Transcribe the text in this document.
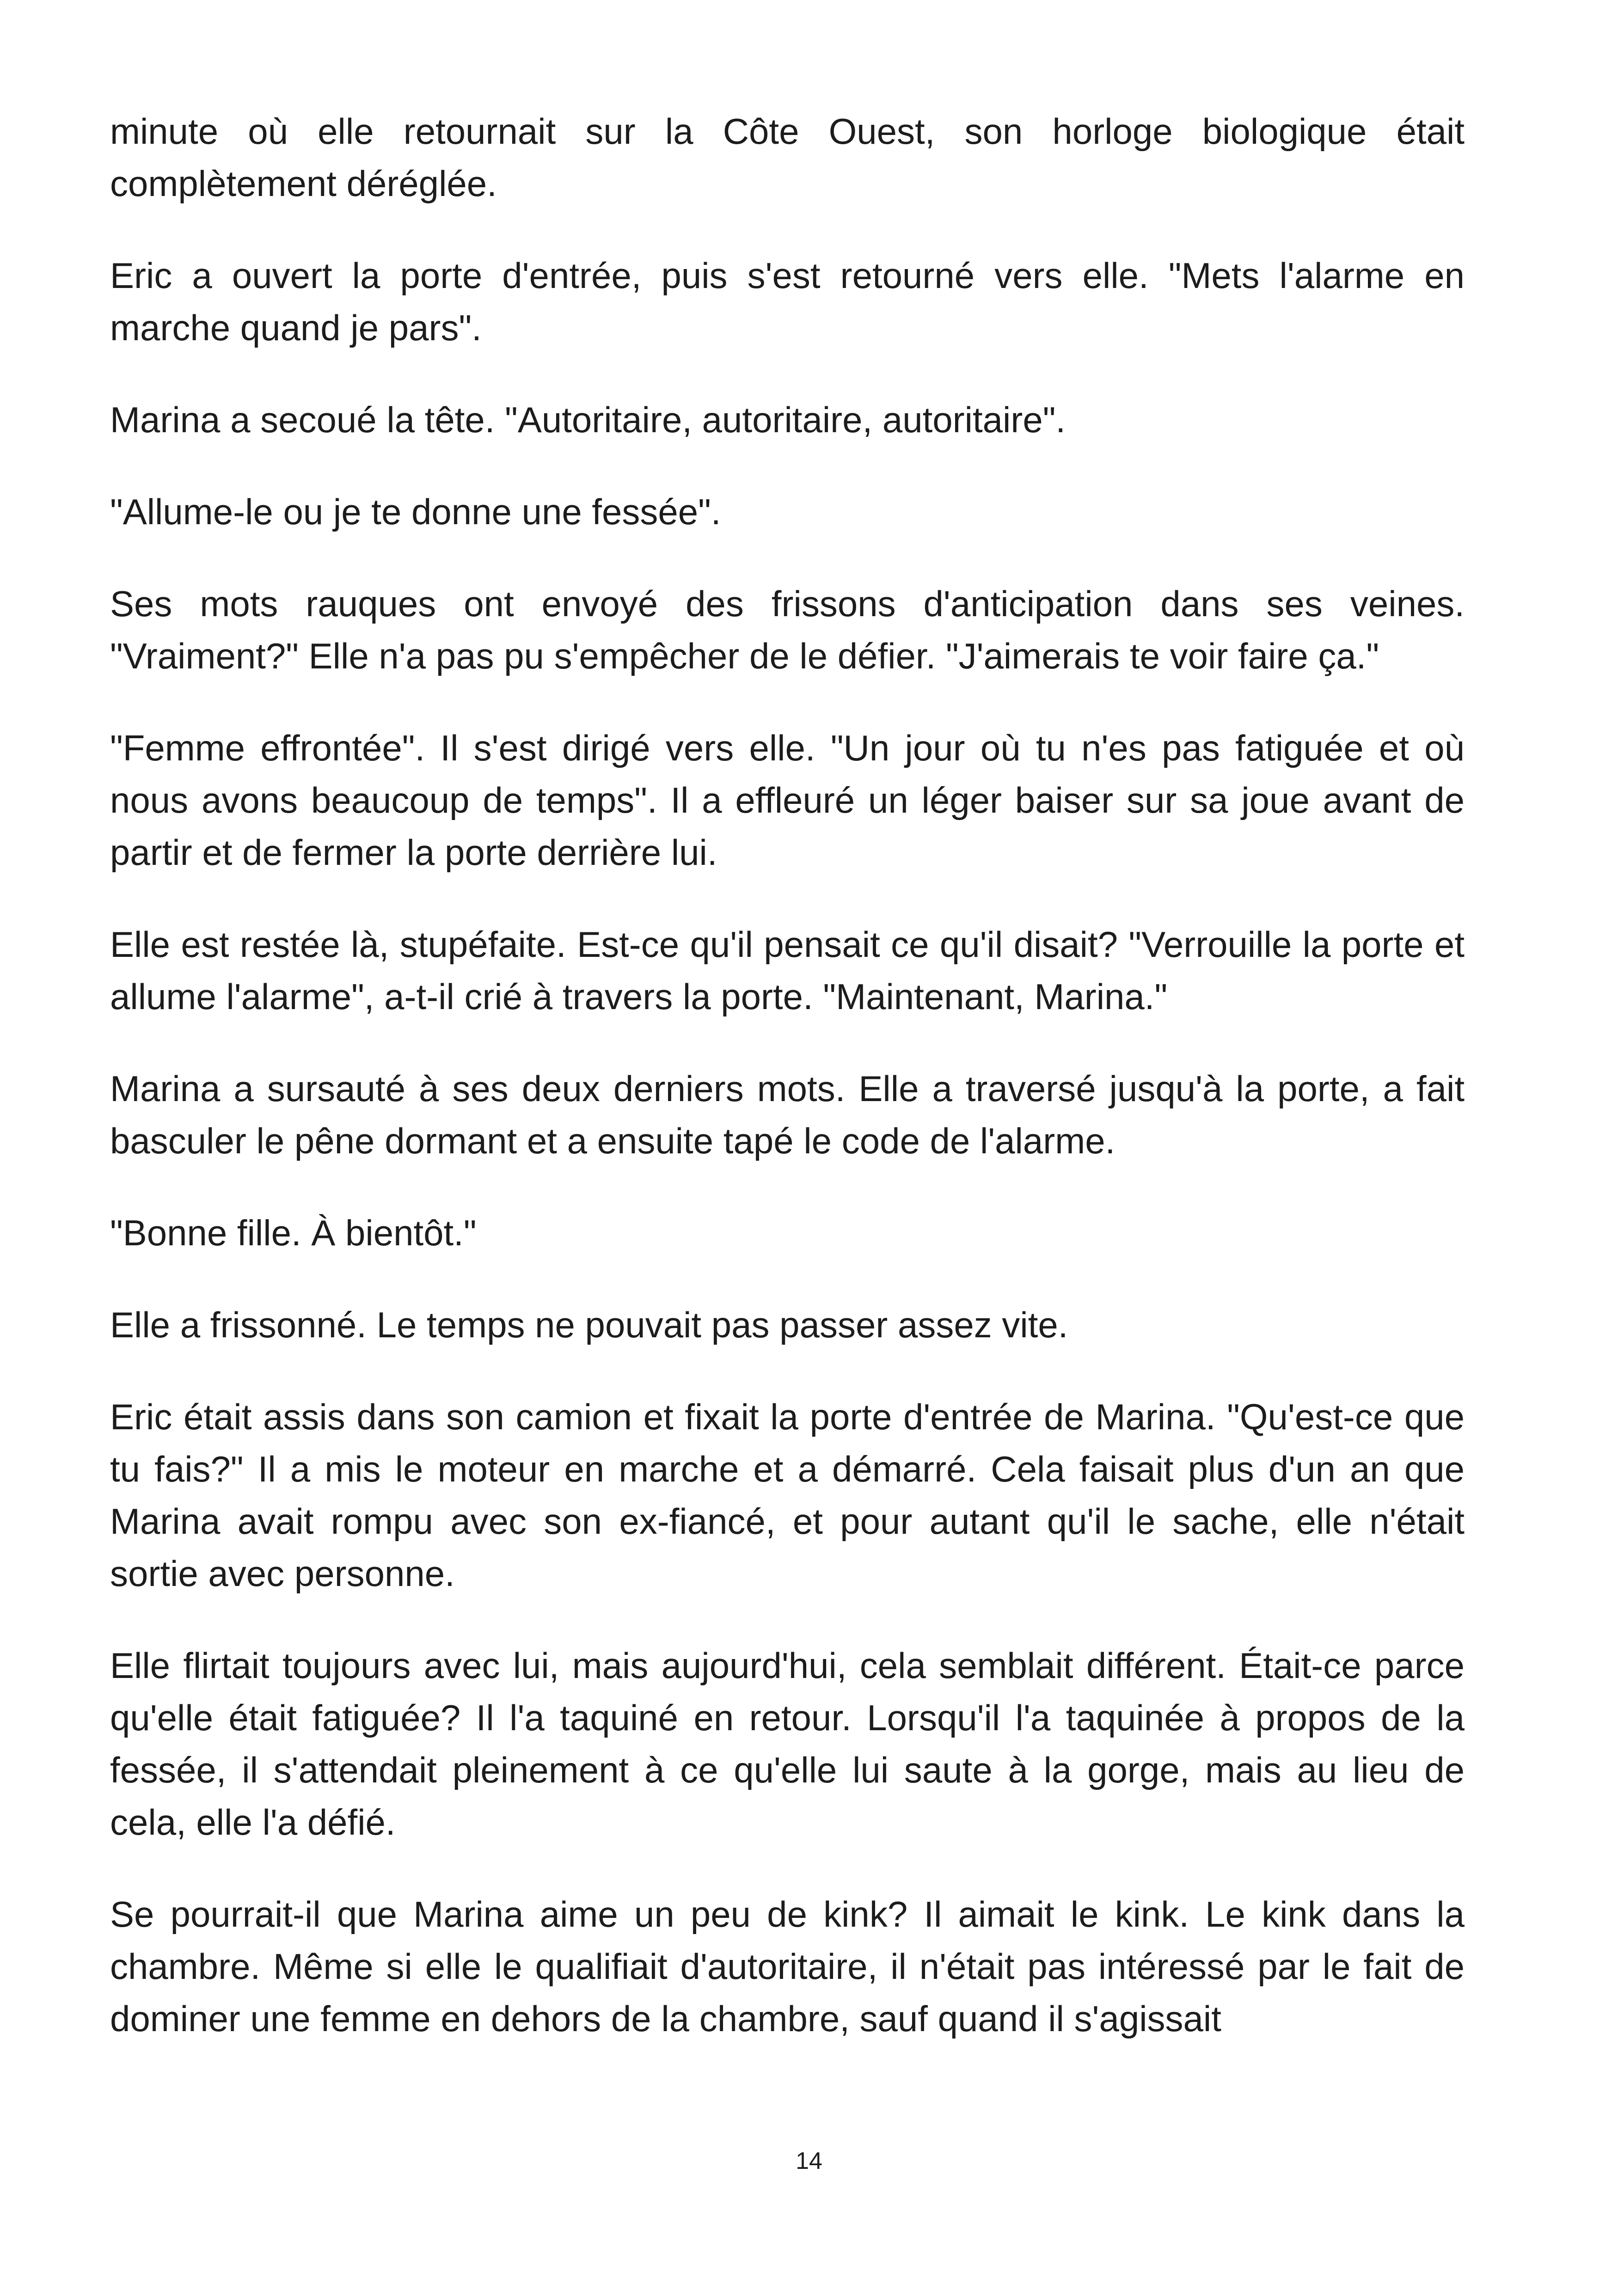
minute où elle retournait sur la Côte Ouest, son horloge biologique était complètement déréglée.

Eric a ouvert la porte d'entrée, puis s'est retourné vers elle. "Mets l'alarme en marche quand je pars".

Marina a secoué la tête. "Autoritaire, autoritaire, autoritaire".

"Allume-le ou je te donne une fessée".

Ses mots rauques ont envoyé des frissons d'anticipation dans ses veines. "Vraiment?" Elle n'a pas pu s'empêcher de le défier. "J'aimerais te voir faire ça."

"Femme effrontée". Il s'est dirigé vers elle. "Un jour où tu n'es pas fatiguée et où nous avons beaucoup de temps". Il a effleuré un léger baiser sur sa joue avant de partir et de fermer la porte derrière lui.

Elle est restée là, stupéfaite. Est-ce qu'il pensait ce qu'il disait? "Verrouille la porte et allume l'alarme", a-t-il crié à travers la porte. "Maintenant, Marina."

Marina a sursauté à ses deux derniers mots. Elle a traversé jusqu'à la porte, a fait basculer le pêne dormant et a ensuite tapé le code de l'alarme.

"Bonne fille. À bientôt."

Elle a frissonné. Le temps ne pouvait pas passer assez vite.

Eric était assis dans son camion et fixait la porte d'entrée de Marina. "Qu'est-ce que tu fais?" Il a mis le moteur en marche et a démarré. Cela faisait plus d'un an que Marina avait rompu avec son ex-fiancé, et pour autant qu'il le sache, elle n'était sortie avec personne.

Elle flirtait toujours avec lui, mais aujourd'hui, cela semblait différent. Était-ce parce qu'elle était fatiguée? Il l'a taquiné en retour. Lorsqu'il l'a taquinée à propos de la fessée, il s'attendait pleinement à ce qu'elle lui saute à la gorge, mais au lieu de cela, elle l'a défié.

Se pourrait-il que Marina aime un peu de kink? Il aimait le kink. Le kink dans la chambre. Même si elle le qualifiait d'autoritaire, il n'était pas intéressé par le fait de dominer une femme en dehors de la chambre, sauf quand il s'agissait

14
